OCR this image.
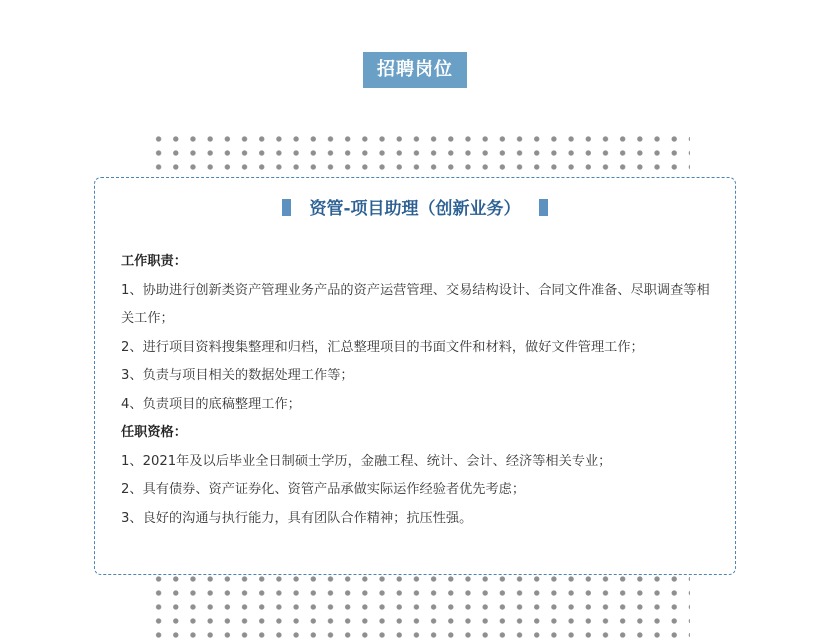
招聘岗位
资管-项目助理（创新业务）

工作职责：

1、协助进行创新类资产管理业务产品的资产运营管理、交易结构设计、合同文件准备、尽职调查等相关工作；

2、进行项目资料搜集整理和归档，汇总整理项目的书面文件和材料，做好文件管理工作；

3、负责与项目相关的数据处理工作等；

4、负责项目的底稿整理工作；

任职资格：

1、2021年及以后毕业全日制硕士学历，金融工程、统计、会计、经济等相关专业；

2、具有债券、资产证券化、资管产品承做实际运作经验者优先考虑；

3、良好的沟通与执行能力，具有团队合作精神；抗压性强。
